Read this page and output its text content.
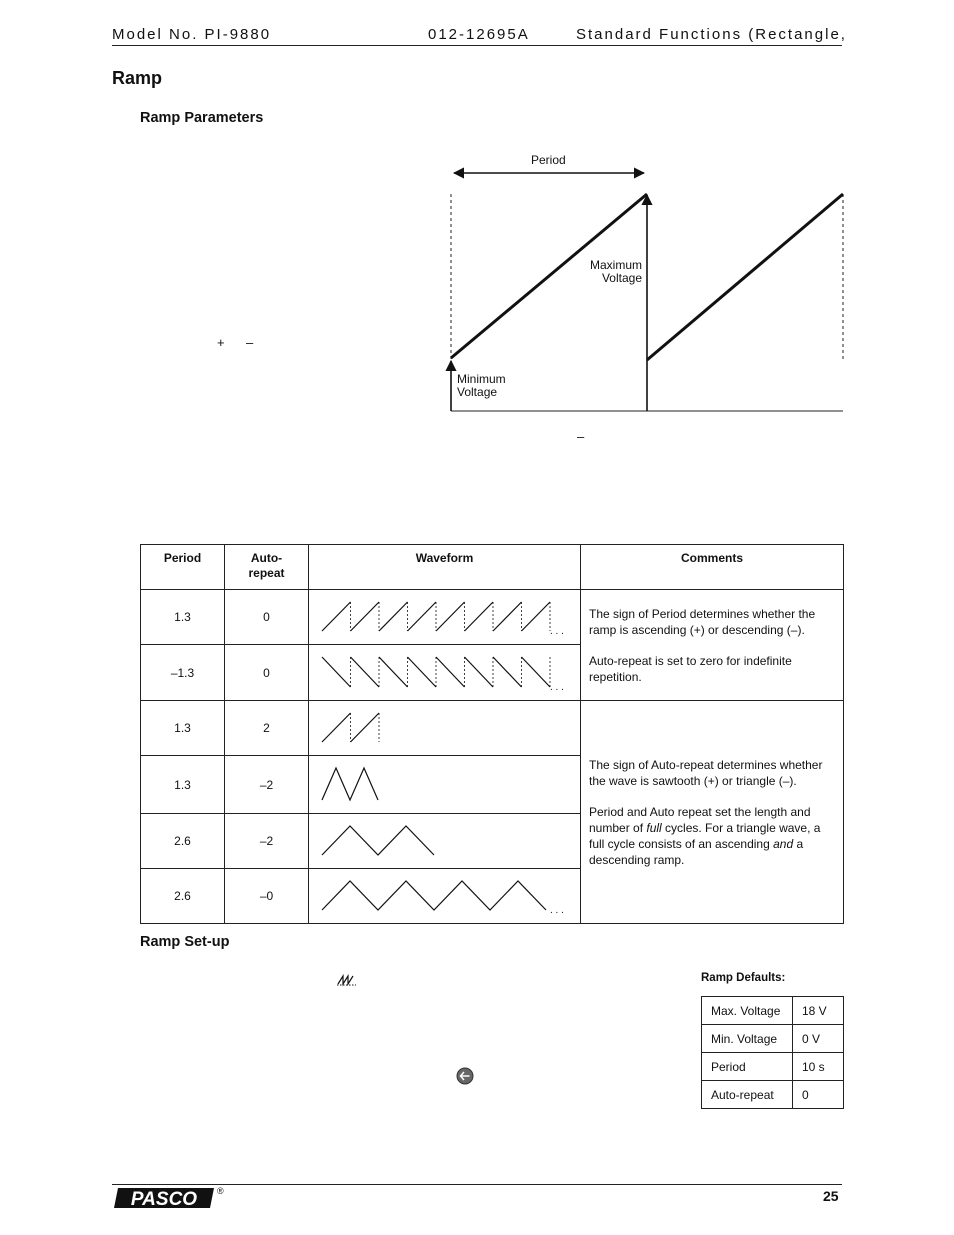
Model No. PI-9880	012-12695A	Standard Functions (Rectangle,
Ramp
Ramp Parameters
+ –
–
Period
Maximum
Voltage
Minimum
Voltage
Period	Auto-
repeat	Waveform	Comments
1.3	0	. . .	The sign of Period determines whether the ramp is ascending (+) or descending (–).

Auto-repeat is set to zero for indefinite repetition.

–1.3	0	. . .	

1.3	2		The sign of Auto-repeat determines whether the wave is sawtooth (+) or triangle (–).

Period and Auto repeat set the length and number of full cycles. For a triangle wave, a full cycle consists of an ascending and a descending ramp.

1.3	–2	

2.6	–2	

2.6	–0	. . .	
Ramp Set-up
Ramp Defaults:
Max. Voltage	18 V
Min. Voltage	0 V
Period	10 s
Auto-repeat	0
PASCO ®	25
